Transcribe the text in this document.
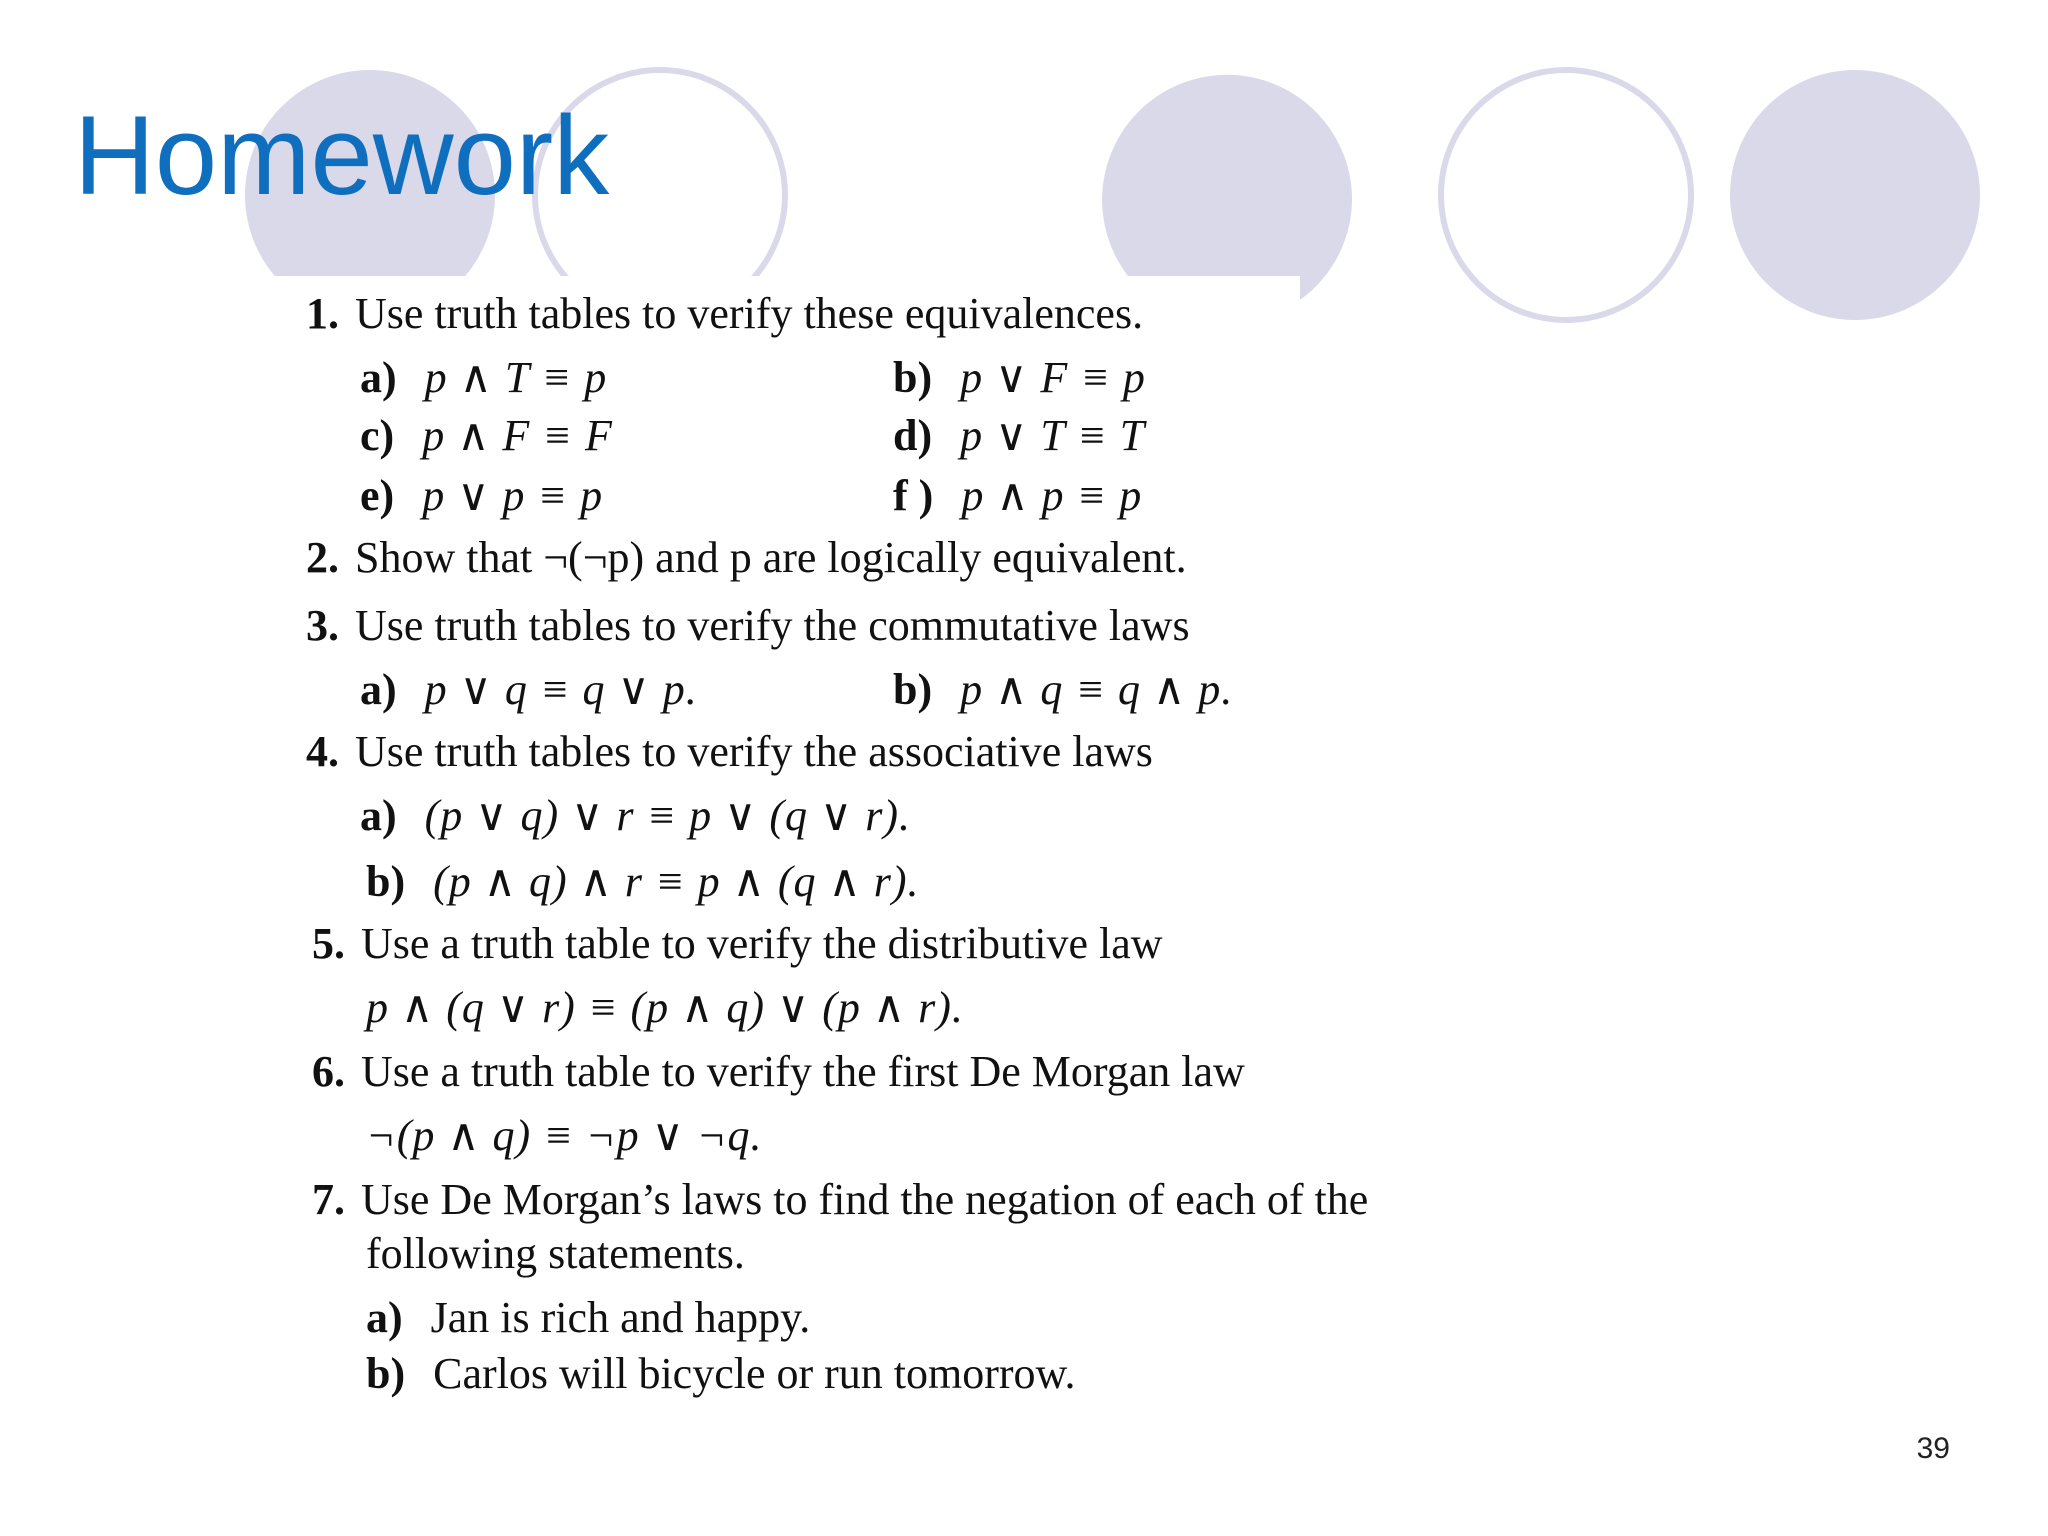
Homework
1. Use truth tables to verify these equivalences.
a) p ∧ T ≡ p	b) p ∨ F ≡ p
c) p ∧ F ≡ F	d) p ∨ T ≡ T
e) p ∨ p ≡ p	f ) p ∧ p ≡ p
2. Show that ¬(¬p) and p are logically equivalent.
3. Use truth tables to verify the commutative laws
a) p ∨ q ≡ q ∨ p.	b) p ∧ q ≡ q ∧ p.
4. Use truth tables to verify the associative laws
a) (p ∨ q) ∨ r ≡ p ∨ (q ∨ r).
b) (p ∧ q) ∧ r ≡ p ∧ (q ∧ r).
5. Use a truth table to verify the distributive law
p ∧ (q ∨ r) ≡ (p ∧ q) ∨ (p ∧ r).
6. Use a truth table to verify the first De Morgan law
¬(p ∧ q) ≡ ¬p ∨ ¬q.
7. Use De Morgan’s laws to find the negation of each of the
following statements.
a) Jan is rich and happy.
b) Carlos will bicycle or run tomorrow.
39
